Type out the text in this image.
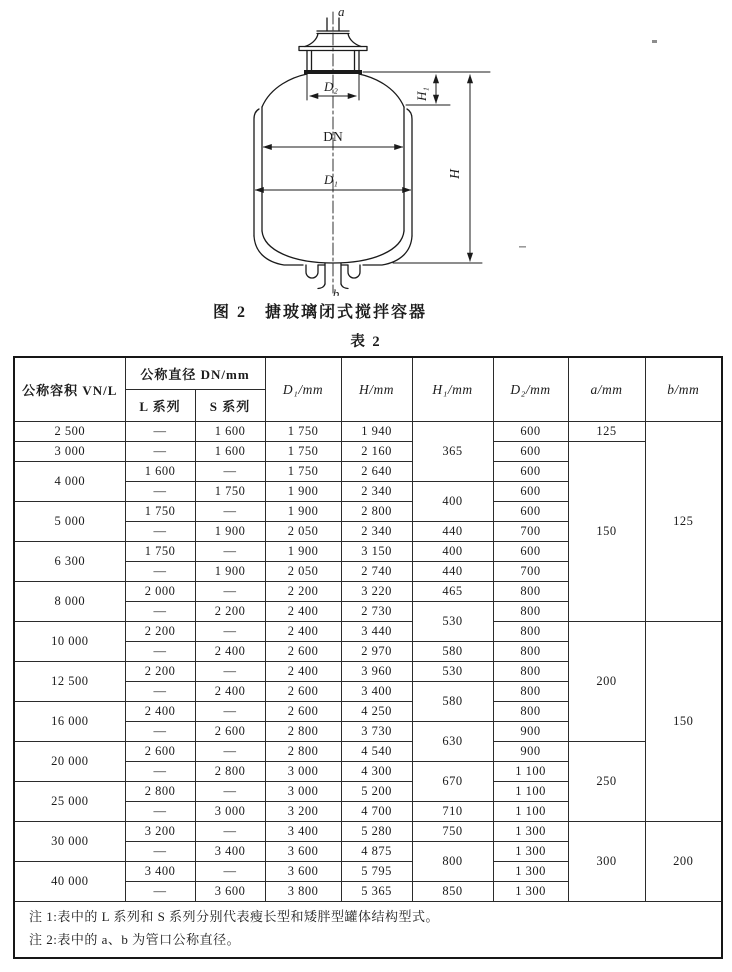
a
D₂
DN
D₁
H₁
H
b
图 2　搪玻璃闭式搅拌容器
表 2
公称容积 VN/L	公称直径 DN/mm		D₁/mm	H/mm	H₁/mm	D₂/mm	a/mm	b/mm
	L 系列	S 系列						
2 500	—	1 600	1 750	1 940	365	600	125	125
3 000	—	1 600	1 750	2 160		600	150	
4 000	1 600	—	1 750	2 640		600		
	—	1 750	1 900	2 340	400	600		
5 000	1 750	—	1 900	2 800		600		
	—	1 900	2 050	2 340	440	700		
6 300	1 750	—	1 900	3 150	400	600		
	—	1 900	2 050	2 740	440	700		
8 000	2 000	—	2 200	3 220	465	800		
	—	2 200	2 400	2 730	530	800		
10 000	2 200	—	2 400	3 440		800	200	150
	—	2 400	2 600	2 970	580	800		
12 500	2 200	—	2 400	3 960	530	800		
	—	2 400	2 600	3 400	580	800		
16 000	2 400	—	2 600	4 250		800		
	—	2 600	2 800	3 730	630	900		
20 000	2 600	—	2 800	4 540		900	250	
	—	2 800	3 000	4 300	670	1 100		
25 000	2 800	—	3 000	5 200		1 100		
	—	3 000	3 200	4 700	710	1 100		
30 000	3 200	—	3 400	5 280	750	1 300	300	200
	—	3 400	3 600	4 875	800	1 300		
40 000	3 400	—	3 600	5 795		1 300		
	—	3 600	3 800	5 365	850	1 300		

注 1:表中的 L 系列和 S 系列分别代表瘦长型和矮胖型罐体结构型式。
注 2:表中的 a、b 为管口公称直径。								
